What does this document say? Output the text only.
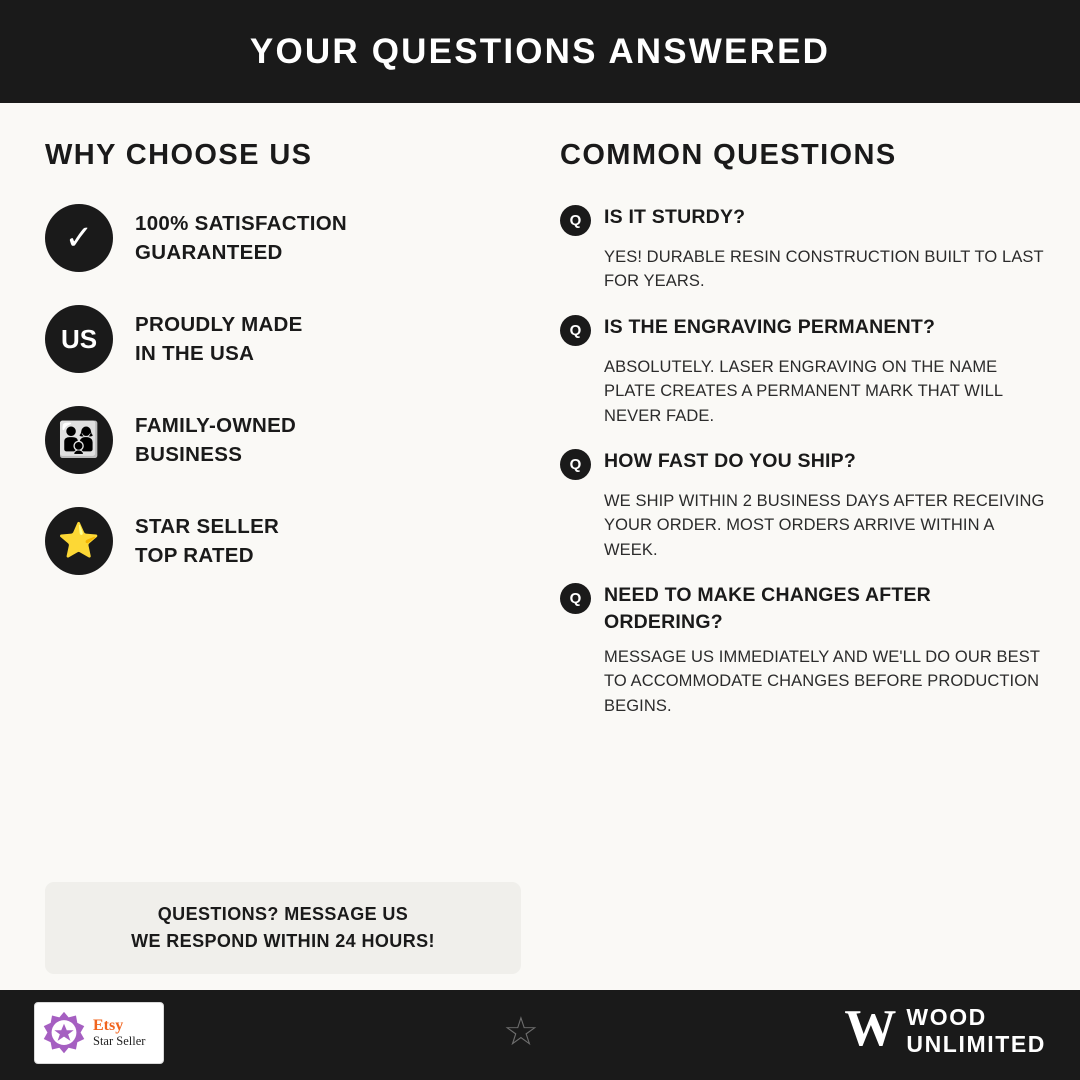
YOUR QUESTIONS ANSWERED
WHY CHOOSE US
✓ 100% SATISFACTION
GUARANTEED
US	PROUDLY MADE
IN THE USA
👨‍👩‍👦	FAMILY-OWNED
BUSINESS
⭐	STAR SELLER
TOP RATED
COMMON QUESTIONS
Q	IS IT STURDY?
YES! DURABLE RESIN CONSTRUCTION BUILT TO LAST FOR YEARS.
Q	IS THE ENGRAVING PERMANENT?
ABSOLUTELY. LASER ENGRAVING ON THE NAME PLATE CREATES A PERMANENT MARK THAT WILL NEVER FADE.
Q	HOW FAST DO YOU SHIP?
WE SHIP WITHIN 2 BUSINESS DAYS AFTER RECEIVING YOUR ORDER. MOST ORDERS ARRIVE WITHIN A WEEK.
Q	NEED TO MAKE CHANGES AFTER ORDERING?
MESSAGE US IMMEDIATELY AND WE'LL DO OUR BEST TO ACCOMMODATE CHANGES BEFORE PRODUCTION BEGINS.
QUESTIONS? MESSAGE US
WE RESPOND WITHIN 24 HOURS!
Etsy
Star Seller	☆	W WOOD
UNLIMITED
